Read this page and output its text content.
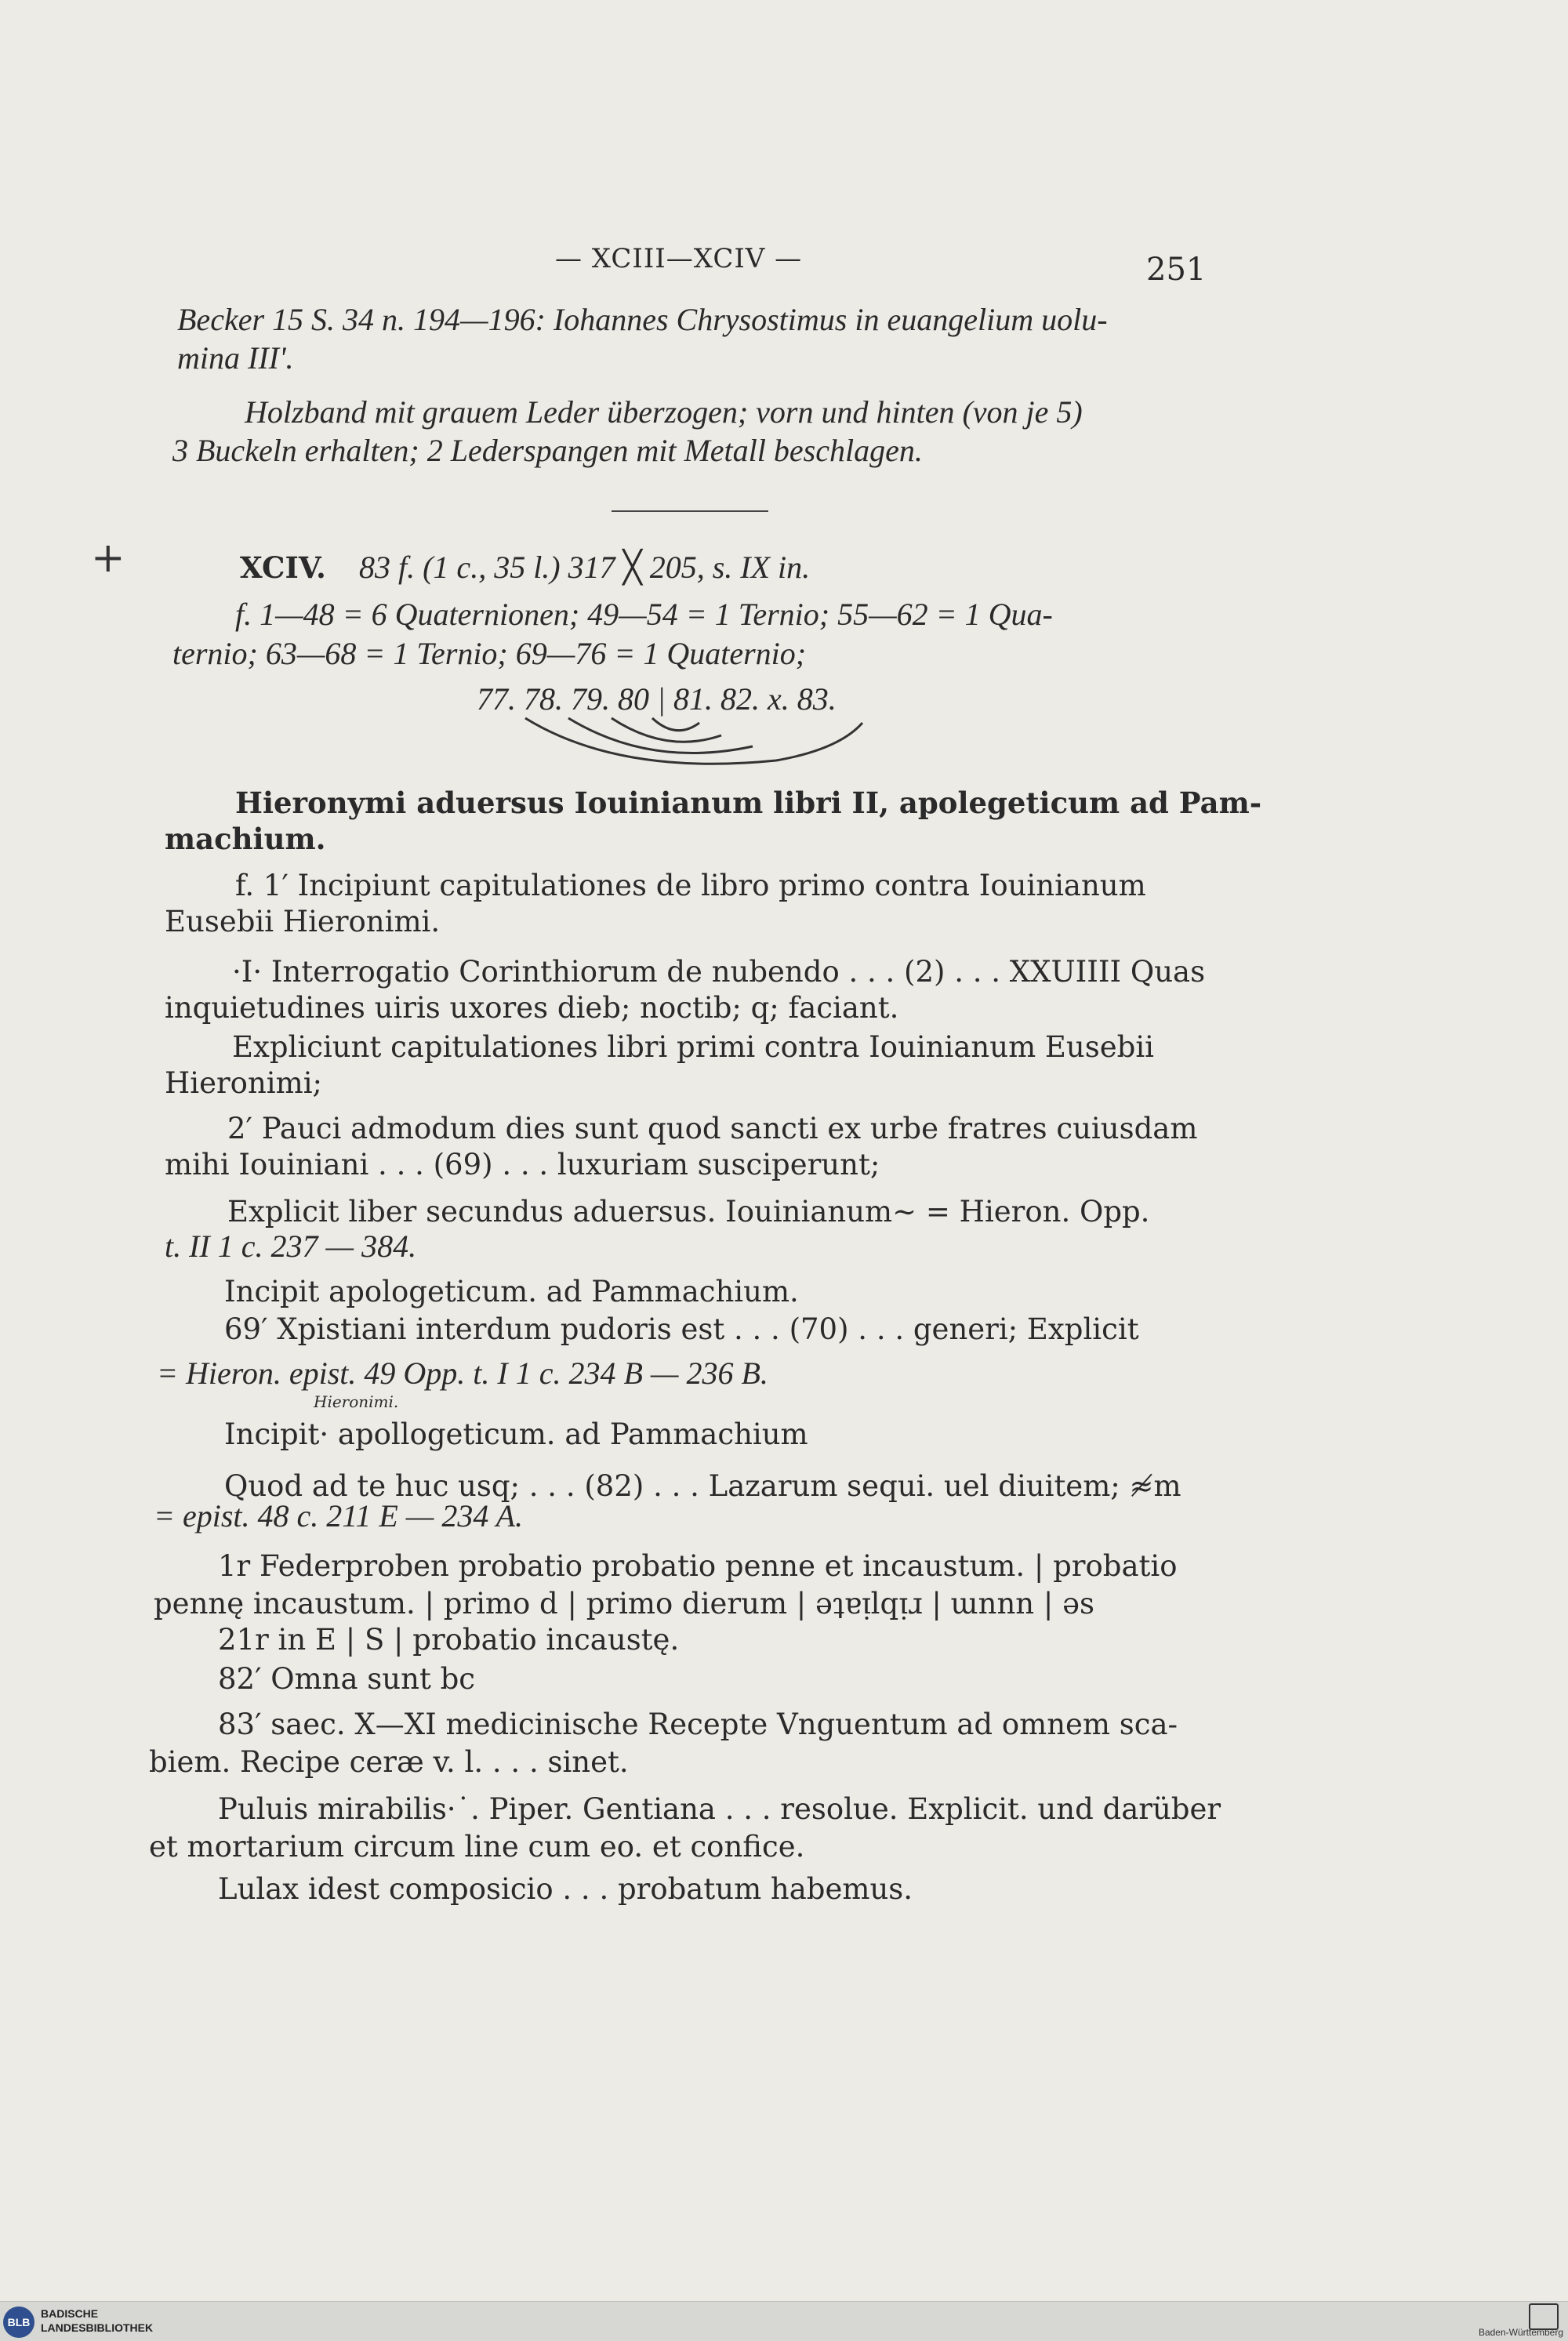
— XCIII—XCIV —	251
Becker 15 S. 34 n. 194—196: Iohannes Chrysostimus in euangelium uolu-
mina III'.
Holzband mit grauem Leder überzogen; vorn und hinten (von je 5)
3 Buckeln erhalten; 2 Lederspangen mit Metall beschlagen.
+	XCIV. 83 f. (1 c., 35 l.) 317 ╳ 205, s. IX in.
f. 1—48 = 6 Quaternionen; 49—54 = 1 Ternio; 55—62 = 1 Qua-
ternio; 63—68 = 1 Ternio; 69—76 = 1 Quaternio;
77. 78. 79. 80 | 81. 82. x. 83.
Hieronymi aduersus Iouinianum libri II, apolegeticum ad Pam-
machium.
f. 1′ Incipiunt capitulationes de libro primo contra Iouinianum
Eusebii Hieronimi.
·I· Interrogatio Corinthiorum de nubendo . . . (2) . . . XXUIIII Quas
inquietudines uiris uxores dieb; noctib; q; faciant.
Expliciunt capitulationes libri primi contra Iouinianum Eusebii
Hieronimi;
2′ Pauci admodum dies sunt quod sancti ex urbe fratres cuiusdam
mihi Iouiniani . . . (69) . . . luxuriam susciperunt;
Explicit liber secundus aduersus. Iouinianum∼ = Hieron. Opp.
t. II 1 c. 237 — 384.
Incipit apologeticum. ad Pammachium.
69′ Xpistiani interdum pudoris est . . . (70) . . . generi; Explicit
= Hieron. epist. 49 Opp. t. I 1 c. 234 B — 236 B.
Hieronimi.
Incipit· apollogeticum. ad Pammachium
Quod ad te huc usq; . . . (82) . . . Lazarum sequi. uel diuitem; ≉m
= epist. 48 c. 211 E — 234 A.
1r Federproben probatio probatio penne et incaustum. | probatio
pennę incaustum. | primo d | primo dierum | ǝʇɐᴉlqᴉɹ | ɯnnn | ǝs
21r in E | S | probatio incaustę.
82′ Omna sunt bc
83′ saec. X—XI medicinische Recepte Vnguentum ad omnem sca-
biem. Recipe ceræ v. l. . . . sinet.
Puluis mirabilis·˙. Piper. Gentiana . . . resolue. Explicit. und darüber
et mortarium circum line cum eo. et confice.
Lulax idest composicio . . . probatum habemus.
BLB
BADISCHE
LANDESBIBLIOTHEK	Baden-Württemberg
